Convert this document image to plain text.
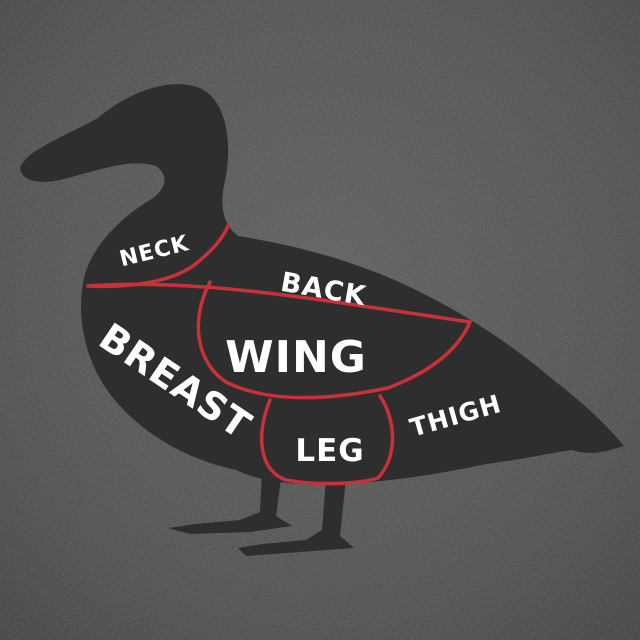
NECK
BACK
WING
BREAST
LEG
THIGH
